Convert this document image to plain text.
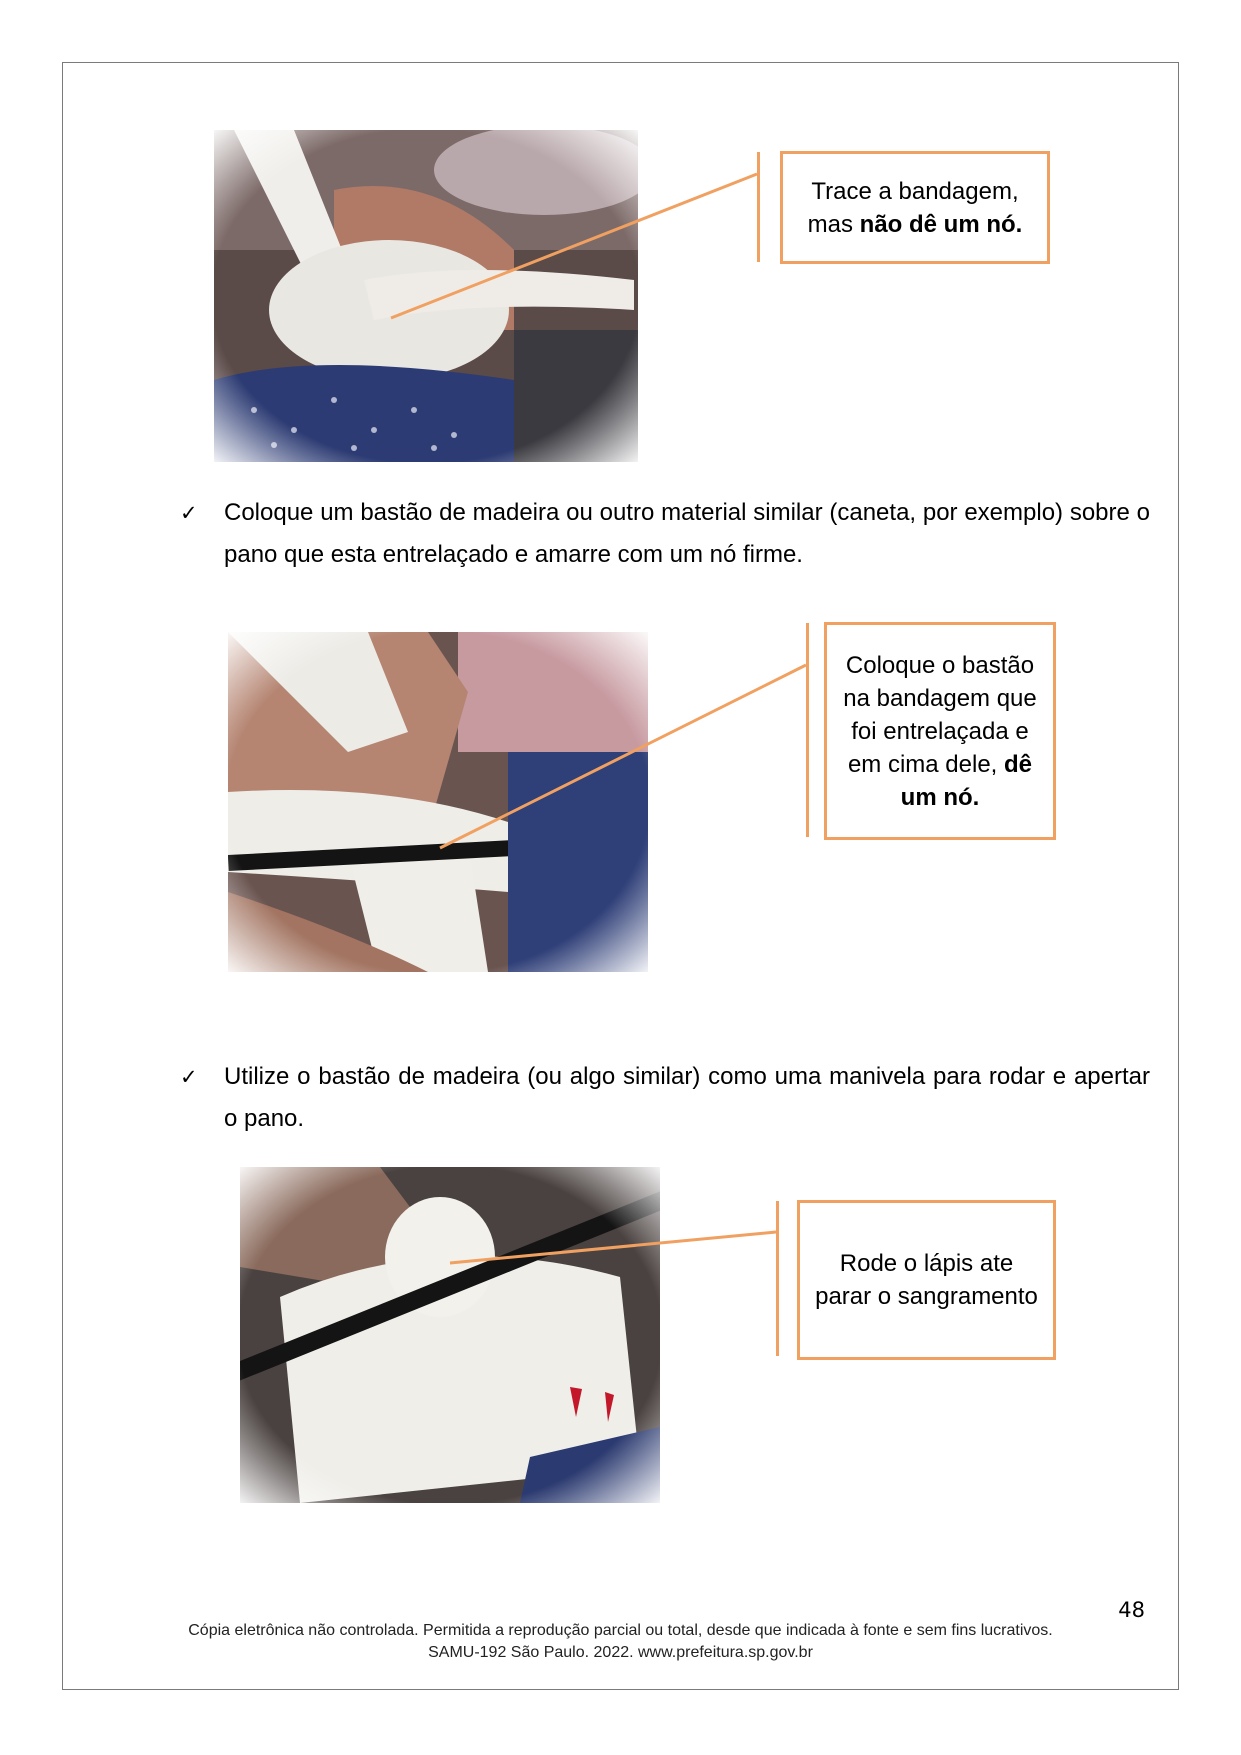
Trace a bandagem, mas não dê um nó.
✓ Coloque um bastão de madeira ou outro material similar (caneta, por exemplo) sobre o pano que esta entrelaçado e amarre com um nó firme.
Coloque o bastão na bandagem que foi entrelaçada e em cima dele, dê um nó.
✓ Utilize o bastão de madeira (ou algo similar) como uma manivela para rodar e apertar o pano.
Rode o lápis ate parar o sangramento
48
Cópia eletrônica não controlada. Permitida a reprodução parcial ou total, desde que indicada à fonte e sem fins lucrativos.
SAMU-192 São Paulo. 2022. www.prefeitura.sp.gov.br
